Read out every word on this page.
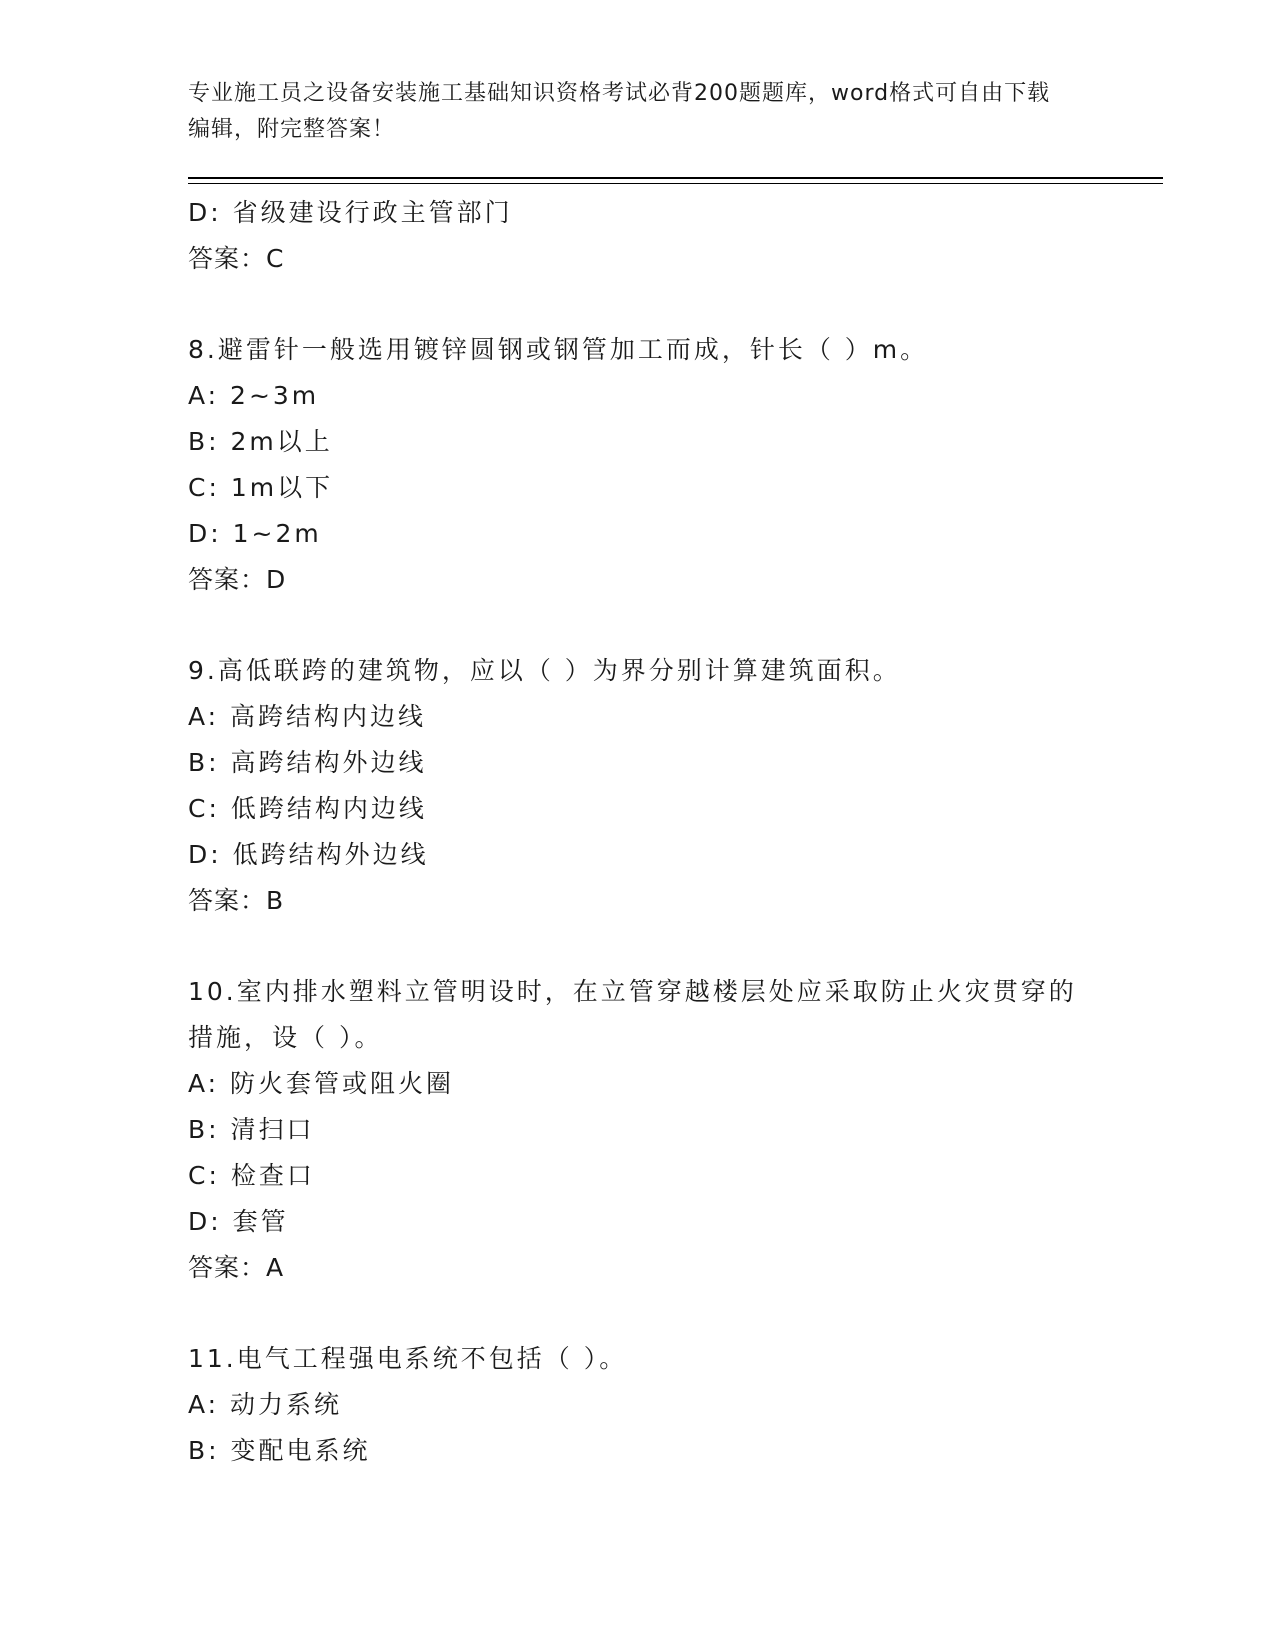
专业施工员之设备安装施工基础知识资格考试必背200题题库，word格式可自由下载编辑，附完整答案！
D: 省级建设行政主管部门
答案：C
8.避雷针一般选用镀锌圆钢或钢管加工而成，针长（ ）m。
A: 2~3m
B: 2m以上
C: 1m以下
D: 1~2m
答案：D
9.高低联跨的建筑物，应以（ ）为界分别计算建筑面积。
A: 高跨结构内边线
B: 高跨结构外边线
C: 低跨结构内边线
D: 低跨结构外边线
答案：B
10.室内排水塑料立管明设时，在立管穿越楼层处应采取防止火灾贯穿的措施，设（ ）。
A: 防火套管或阻火圈
B: 清扫口
C: 检查口
D: 套管
答案：A
11.电气工程强电系统不包括（ ）。
A: 动力系统
B: 变配电系统
